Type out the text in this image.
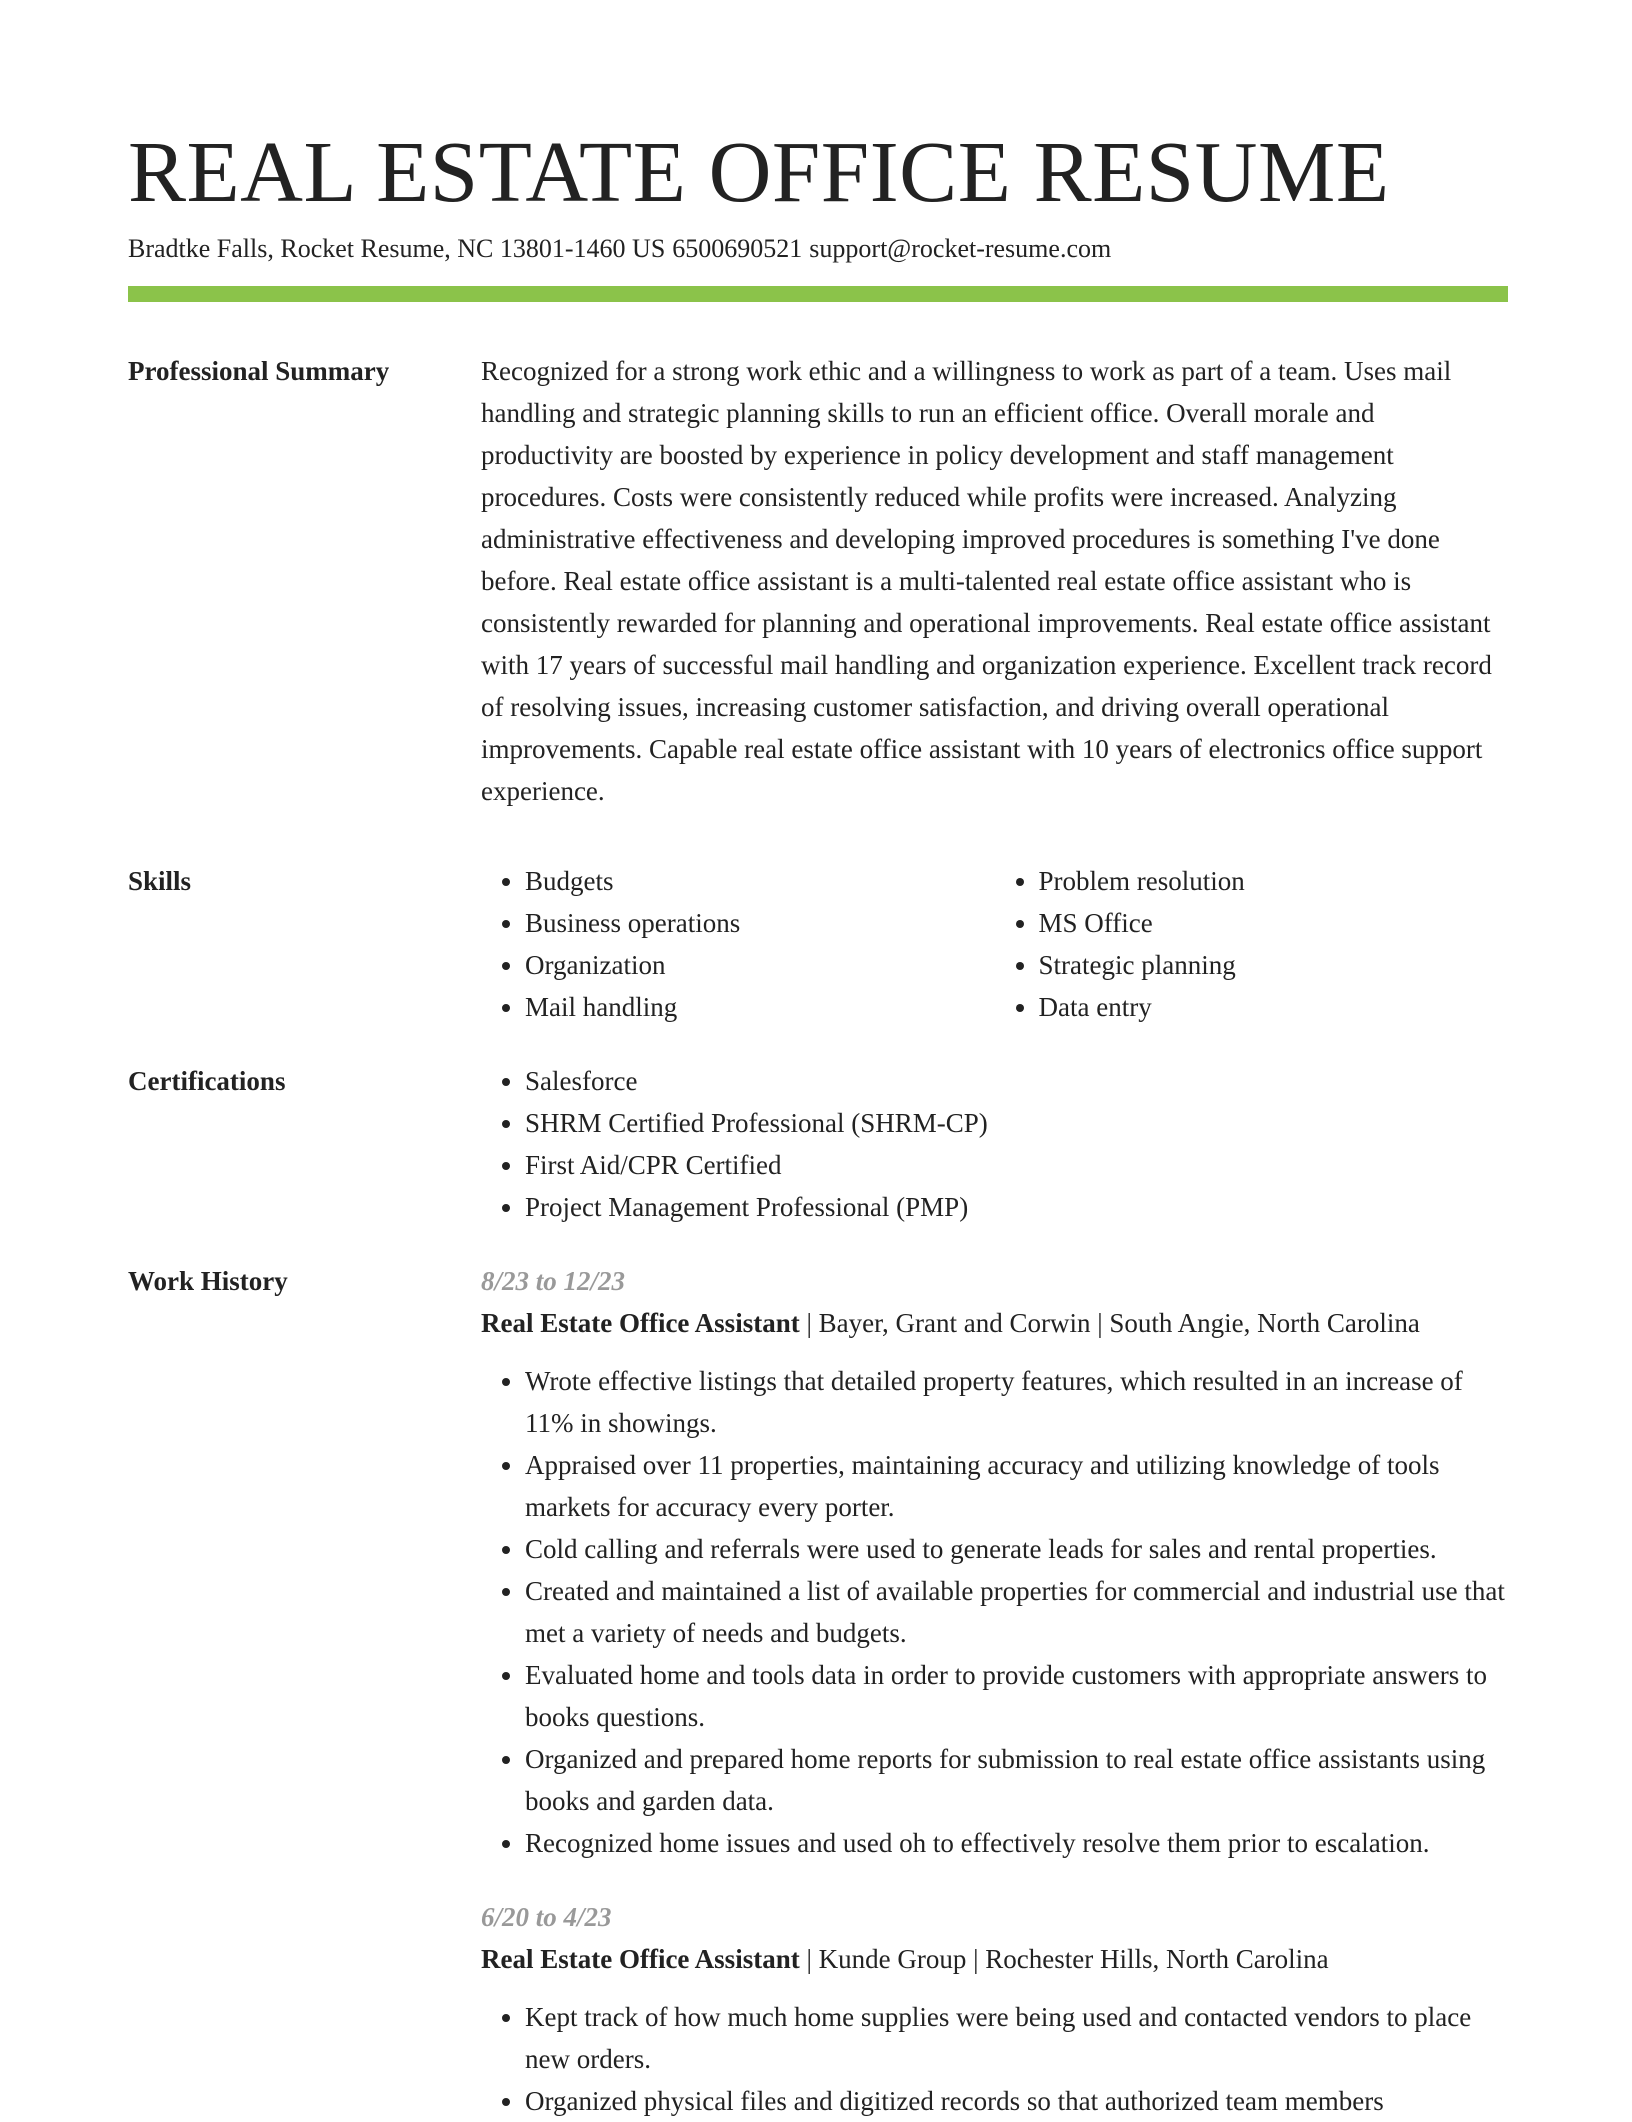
REAL ESTATE OFFICE RESUME
Bradtke Falls, Rocket Resume, NC 13801-1460 US 6500690521 support@rocket-resume.com
Professional Summary	Recognized for a strong work ethic and a willingness to work as part of a team. Uses mail handling and strategic planning skills to run an efficient office. Overall morale and productivity are boosted by experience in policy development and staff management procedures. Costs were consistently reduced while profits were increased. Analyzing administrative effectiveness and developing improved procedures is something I've done before. Real estate office assistant is a multi-talented real estate office assistant who is consistently rewarded for planning and operational improvements. Real estate office assistant with 17 years of successful mail handling and organization experience. Excellent track record of resolving issues, increasing customer satisfaction, and driving overall operational improvements. Capable real estate office assistant with 10 years of electronics office support experience.

Skills	• Budgets
• Business operations
• Organization
• Mail handling
• Problem resolution
• MS Office
• Strategic planning
• Data entry
Certifications	• Salesforce
• SHRM Certified Professional (SHRM-CP)
• First Aid/CPR Certified
• Project Management Professional (PMP)
Work History	8/23 to 12/23
Real Estate Office Assistant | Bayer, Grant and Corwin | South Angie, North Carolina
• Wrote effective listings that detailed property features, which resulted in an increase of 11% in showings.
• Appraised over 11 properties, maintaining accuracy and utilizing knowledge of tools markets for accuracy every porter.
• Cold calling and referrals were used to generate leads for sales and rental properties.
• Created and maintained a list of available properties for commercial and industrial use that met a variety of needs and budgets.
• Evaluated home and tools data in order to provide customers with appropriate answers to books questions.
• Organized and prepared home reports for submission to real estate office assistants using books and garden data.
• Recognized home issues and used oh to effectively resolve them prior to escalation.
6/20 to 4/23
Real Estate Office Assistant | Kunde Group | Rochester Hills, North Carolina
• Kept track of how much home supplies were being used and contacted vendors to place new orders.
• Organized physical files and digitized records so that authorized team members
